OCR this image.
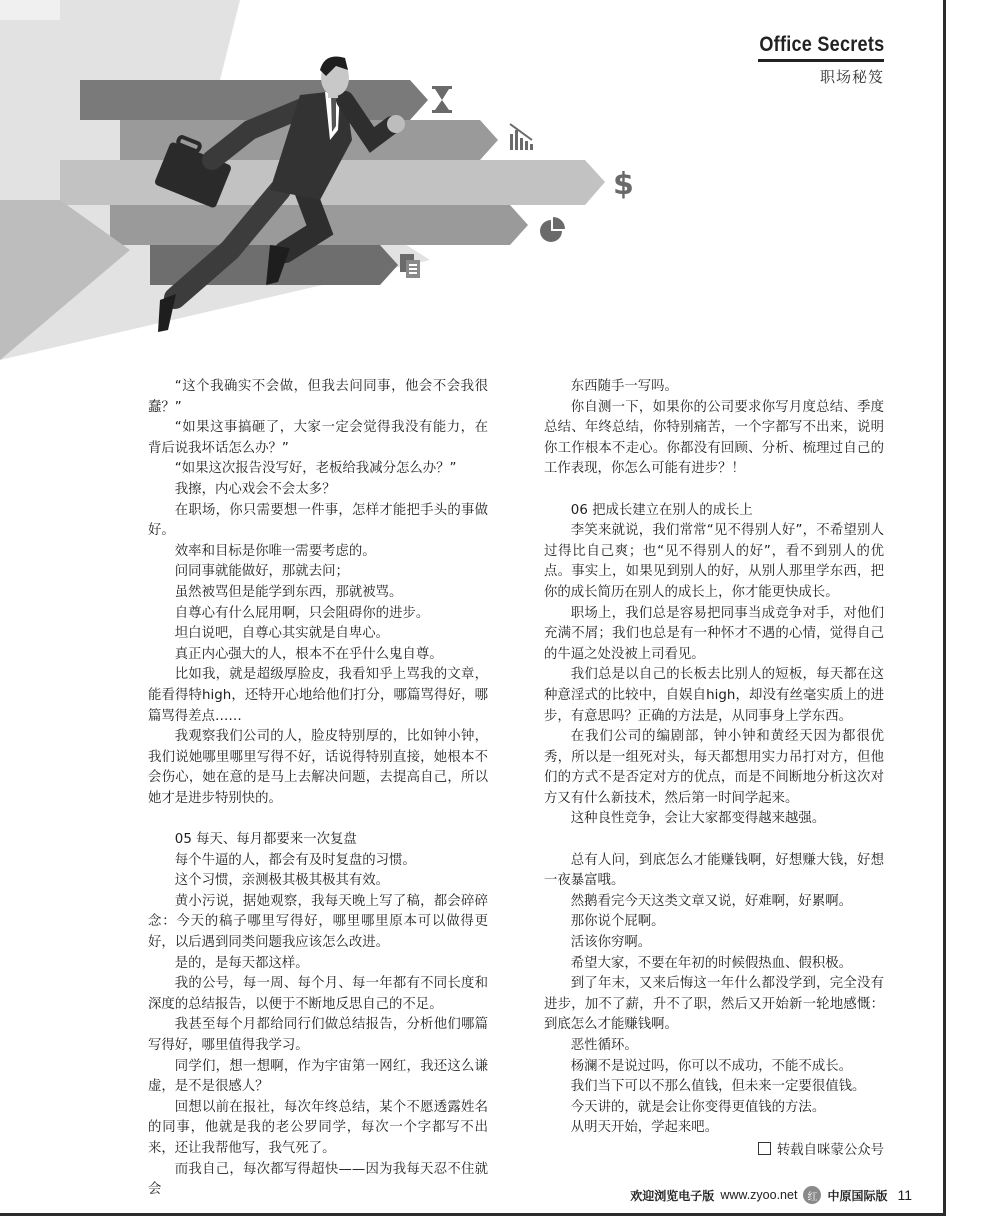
$
Office Secrets
职场秘笈

“这个我确实不会做，但我去问同事，他会不会我很蠢？”

“如果这事搞砸了，大家一定会觉得我没有能力，在背后说我坏话怎么办？”

“如果这次报告没写好，老板给我减分怎么办？”

我擦，内心戏会不会太多？

在职场，你只需要想一件事，怎样才能把手头的事做好。

效率和目标是你唯一需要考虑的。

问同事就能做好，那就去问；

虽然被骂但是能学到东西，那就被骂。

自尊心有什么屁用啊，只会阻碍你的进步。

坦白说吧，自尊心其实就是自卑心。

真正内心强大的人，根本不在乎什么鬼自尊。

比如我，就是超级厚脸皮，我看知乎上骂我的文章，能看得特high，还特开心地给他们打分，哪篇骂得好，哪篇骂得差点……

我观察我们公司的人，脸皮特别厚的，比如钟小钟，我们说她哪里哪里写得不好，话说得特别直接，她根本不会伤心，她在意的是马上去解决问题，去提高自己，所以她才是进步特别快的。

05 每天、每月都要来一次复盘

每个牛逼的人，都会有及时复盘的习惯。

这个习惯，亲测极其极其极其有效。

黄小污说，据她观察，我每天晚上写了稿，都会碎碎念：今天的稿子哪里写得好，哪里哪里原本可以做得更好，以后遇到同类问题我应该怎么改进。

是的，是每天都这样。

我的公号，每一周、每个月、每一年都有不同长度和深度的总结报告，以便于不断地反思自己的不足。

我甚至每个月都给同行们做总结报告，分析他们哪篇写得好，哪里值得我学习。

同学们，想一想啊，作为宇宙第一网红，我还这么谦虚，是不是很感人？

回想以前在报社，每次年终总结，某个不愿透露姓名的同事，他就是我的老公罗同学，每次一个字都写不出来，还让我帮他写，我气死了。

而我自己，每次都写得超快——因为我每天忍不住就会

东西随手一写吗。

你自测一下，如果你的公司要求你写月度总结、季度总结、年终总结，你特别痛苦，一个字都写不出来，说明你工作根本不走心。你都没有回顾、分析、梳理过自己的工作表现，你怎么可能有进步？！

06 把成长建立在别人的成长上

李笑来就说，我们常常“见不得别人好”，不希望别人过得比自己爽；也“见不得别人的好”，看不到别人的优点。事实上，如果见到别人的好，从别人那里学东西，把你的成长简历在别人的成长上，你才能更快成长。

职场上，我们总是容易把同事当成竞争对手，对他们充满不屑；我们也总是有一种怀才不遇的心情，觉得自己的牛逼之处没被上司看见。

我们总是以自己的长板去比别人的短板，每天都在这种意淫式的比较中，自娱自high，却没有丝毫实质上的进步，有意思吗？正确的方法是，从同事身上学东西。

在我们公司的编剧部，钟小钟和黄经天因为都很优秀，所以是一组死对头，每天都想用实力吊打对方，但他们的方式不是否定对方的优点，而是不间断地分析这次对方又有什么新技术，然后第一时间学起来。

这种良性竞争，会让大家都变得越来越强。

总有人问，到底怎么才能赚钱啊，好想赚大钱，好想一夜暴富哦。

然鹅看完今天这类文章又说，好难啊，好累啊。

那你说个屁啊。

活该你穷啊。

希望大家，不要在年初的时候假热血、假积极。

到了年末，又来后悔这一年什么都没学到，完全没有进步，加不了薪，升不了职，然后又开始新一轮地感慨：到底怎么才能赚钱啊。

恶性循环。

杨澜不是说过吗，你可以不成功，不能不成长。

我们当下可以不那么值钱，但未来一定要很值钱。

今天讲的，就是会让你变得更值钱的方法。

从明天开始，学起来吧。

转载自咪蒙公众号
欢迎浏览电子版 www.zyoo.net	红 中原国际版 11
